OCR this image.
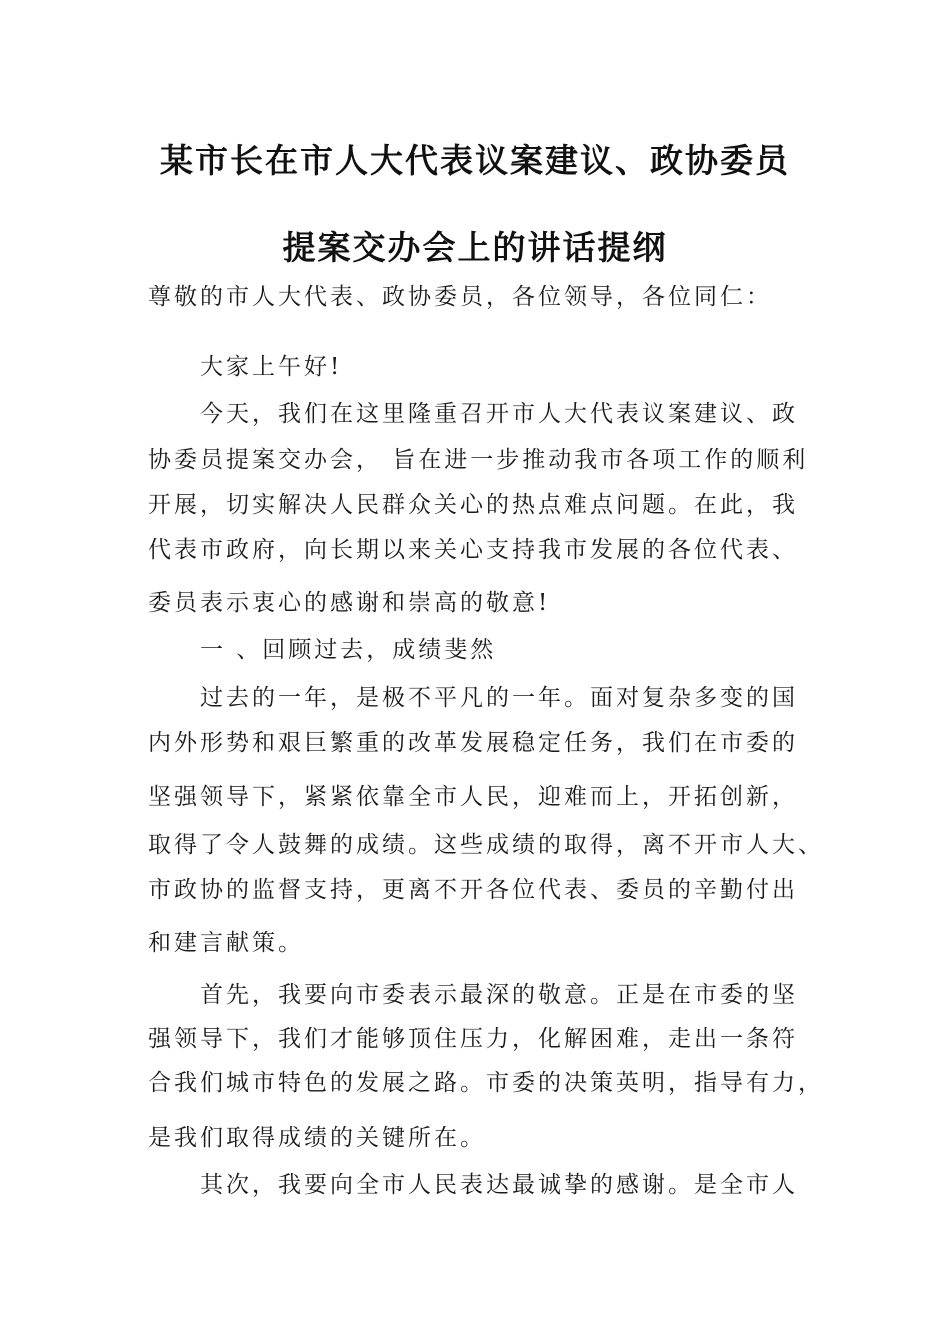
某市长在市人大代表议案建议、政协委员
提案交办会上的讲话提纲
尊敬的市人大代表、政协委员，各位领导，各位同仁：
大家上午好!
今天，我们在这里隆重召开市人大代表议案建议、政
协委员提案交办会， 旨在进一步推动我市各项工作的顺利
开展，切实解决人民群众关心的热点难点问题。在此，我
代表市政府，向长期以来关心支持我市发展的各位代表、
委员表示衷心的感谢和崇高的敬意!
一 、回顾过去，成绩斐然
过去的一年，是极不平凡的一年。面对复杂多变的国
内外形势和艰巨繁重的改革发展稳定任务，我们在市委的
坚强领导下，紧紧依靠全市人民，迎难而上，开拓创新，
取得了令人鼓舞的成绩。这些成绩的取得，离不开市人大、
市政协的监督支持，更离不开各位代表、委员的辛勤付出
和建言献策。
首先，我要向市委表示最深的敬意。正是在市委的坚
强领导下，我们才能够顶住压力，化解困难，走出一条符
合我们城市特色的发展之路。市委的决策英明，指导有力，
是我们取得成绩的关键所在。
其次，我要向全市人民表达最诚挚的感谢。是全市人
